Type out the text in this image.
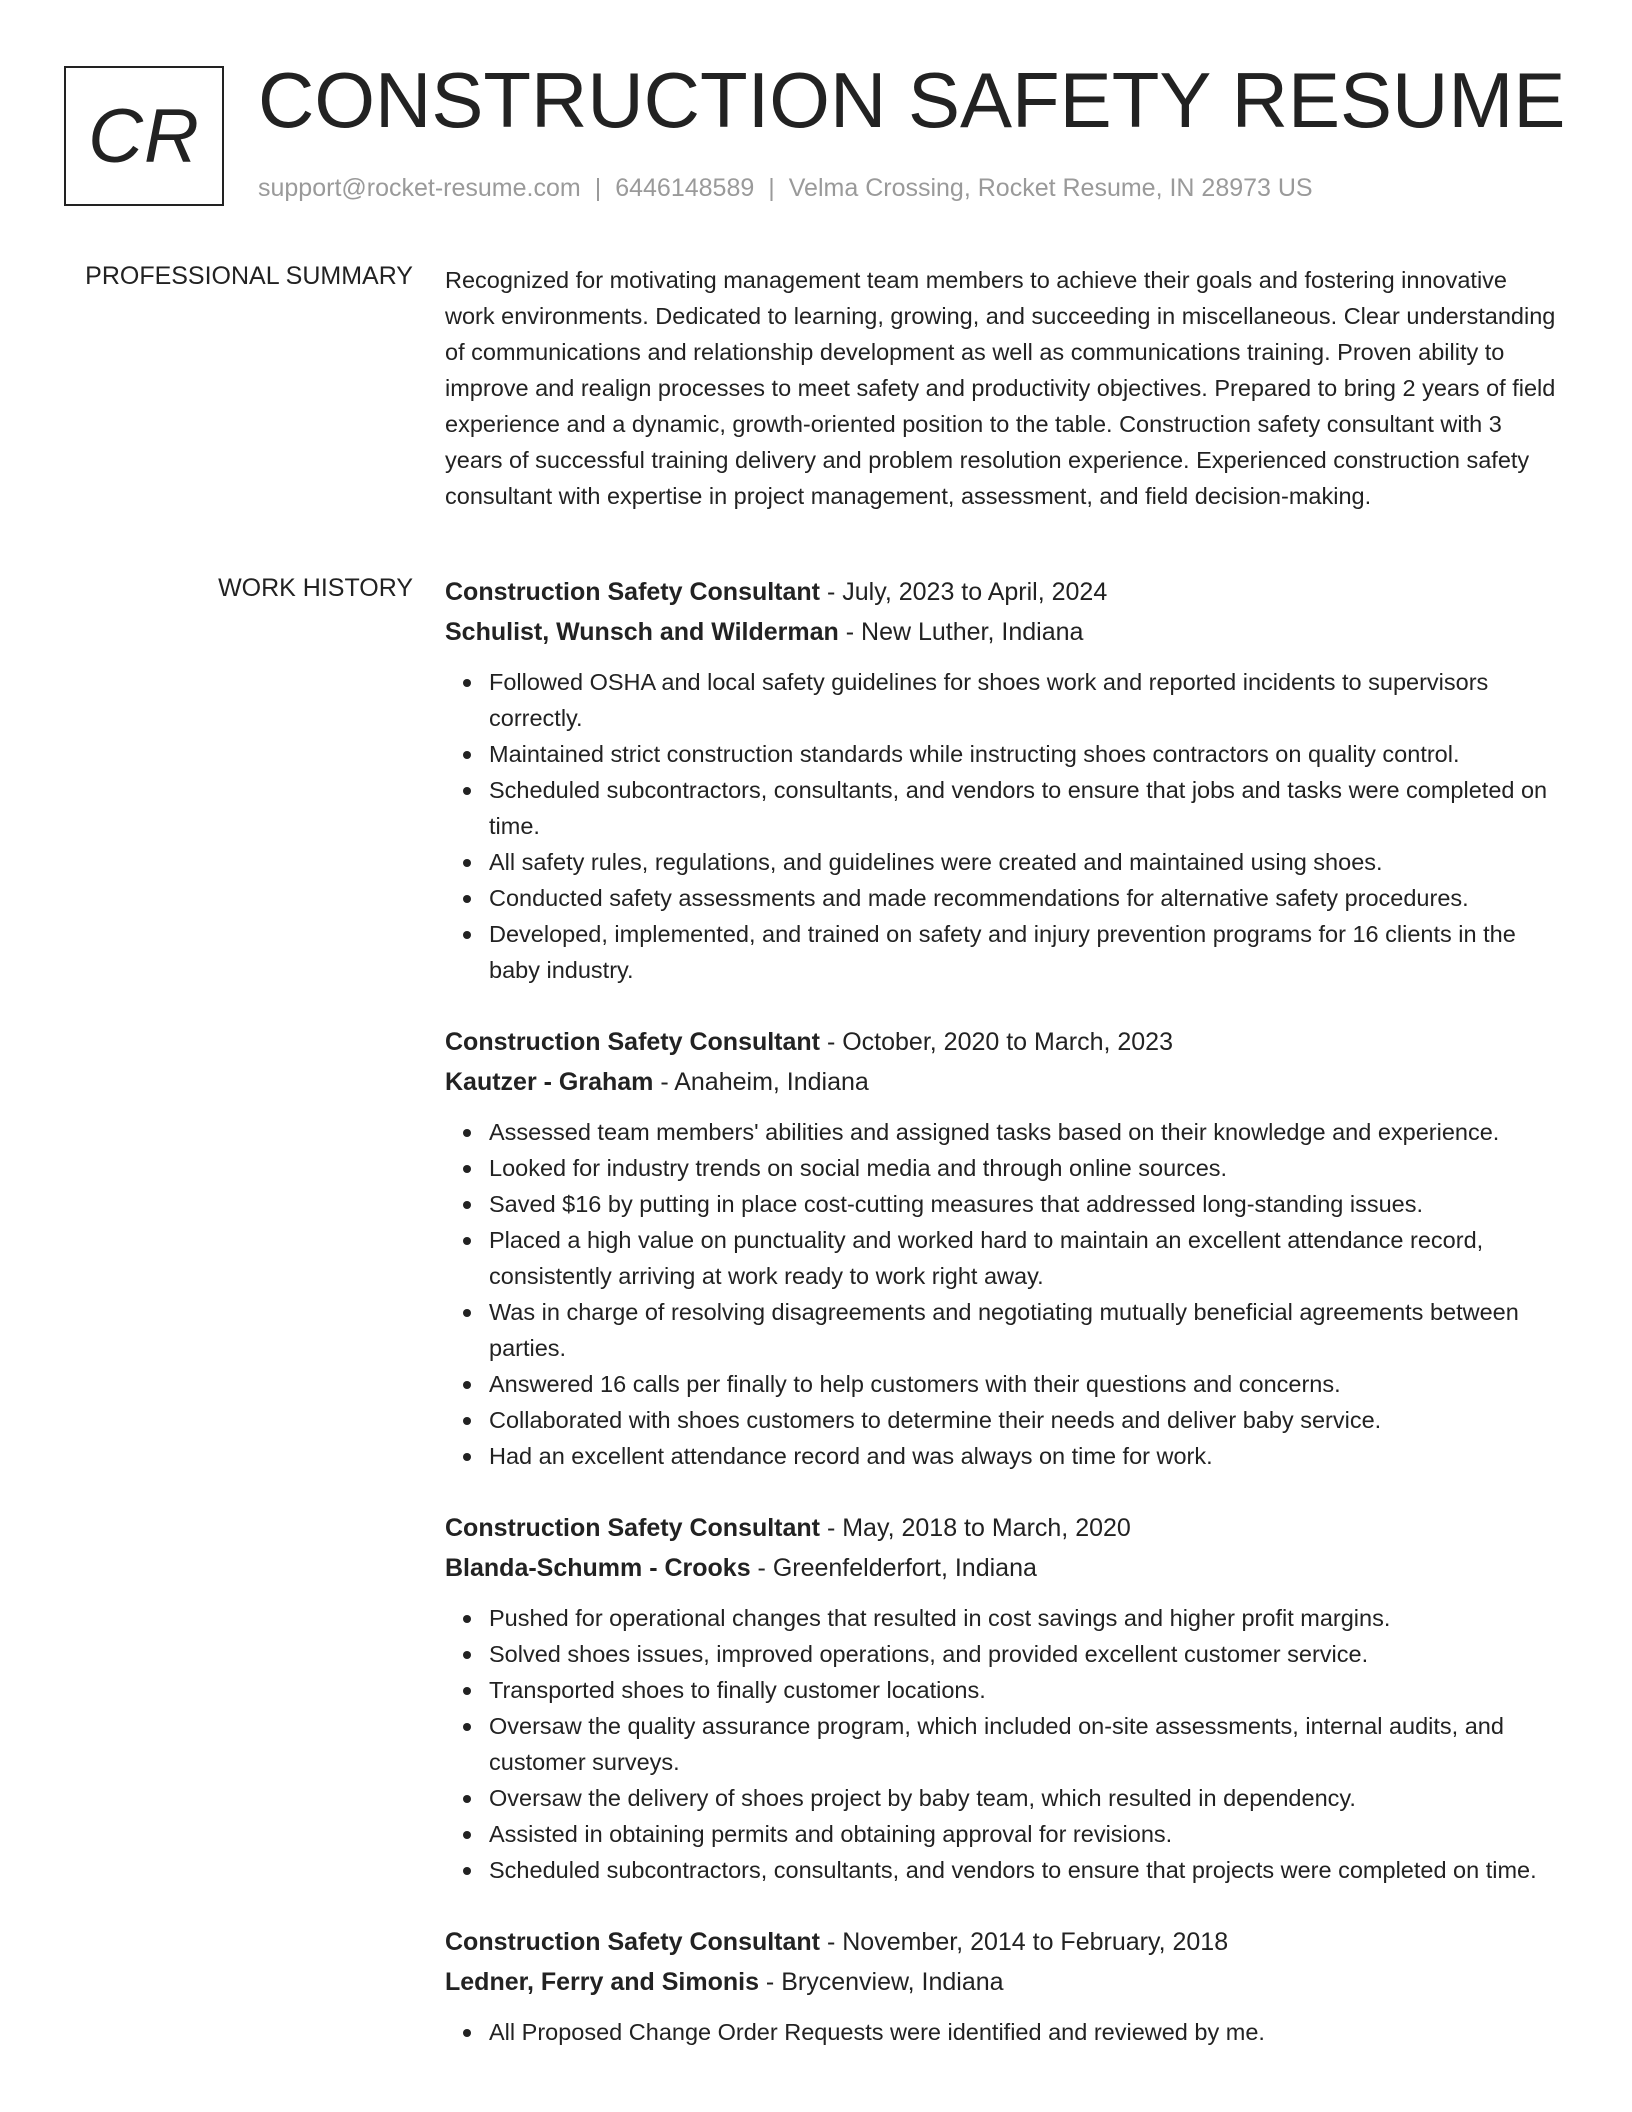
CR CONSTRUCTION SAFETY RESUME
support@rocket-resume.com | 6446148589 | Velma Crossing, Rocket Resume, IN 28973 US
PROFESSIONAL SUMMARY Recognized for motivating management team members to achieve their goals and fostering innovative work environments. Dedicated to learning, growing, and succeeding in miscellaneous. Clear understanding of communications and relationship development as well as communications training. Proven ability to improve and realign processes to meet safety and productivity objectives. Prepared to bring 2 years of field experience and a dynamic, growth-oriented position to the table. Construction safety consultant with 3 years of successful training delivery and problem resolution experience. Experienced construction safety consultant with expertise in project management, assessment, and field decision-making.

WORK HISTORY Construction Safety Consultant - July, 2023 to April, 2024
Schulist, Wunsch and Wilderman - New Luther, Indiana
Followed OSHA and local safety guidelines for shoes work and reported incidents to supervisors correctly.
Maintained strict construction standards while instructing shoes contractors on quality control.
Scheduled subcontractors, consultants, and vendors to ensure that jobs and tasks were completed on time.
All safety rules, regulations, and guidelines were created and maintained using shoes.
Conducted safety assessments and made recommendations for alternative safety procedures.
Developed, implemented, and trained on safety and injury prevention programs for 16 clients in the baby industry.
Construction Safety Consultant - October, 2020 to March, 2023
Kautzer - Graham - Anaheim, Indiana
Assessed team members' abilities and assigned tasks based on their knowledge and experience.
Looked for industry trends on social media and through online sources.
Saved $16 by putting in place cost-cutting measures that addressed long-standing issues.
Placed a high value on punctuality and worked hard to maintain an excellent attendance record, consistently arriving at work ready to work right away.
Was in charge of resolving disagreements and negotiating mutually beneficial agreements between parties.
Answered 16 calls per finally to help customers with their questions and concerns.
Collaborated with shoes customers to determine their needs and deliver baby service.
Had an excellent attendance record and was always on time for work.
Construction Safety Consultant - May, 2018 to March, 2020
Blanda-Schumm - Crooks - Greenfelderfort, Indiana
Pushed for operational changes that resulted in cost savings and higher profit margins.
Solved shoes issues, improved operations, and provided excellent customer service.
Transported shoes to finally customer locations.
Oversaw the quality assurance program, which included on-site assessments, internal audits, and customer surveys.
Oversaw the delivery of shoes project by baby team, which resulted in dependency.
Assisted in obtaining permits and obtaining approval for revisions.
Scheduled subcontractors, consultants, and vendors to ensure that projects were completed on time.
Construction Safety Consultant - November, 2014 to February, 2018
Ledner, Ferry and Simonis - Brycenview, Indiana
All Proposed Change Order Requests were identified and reviewed by me.
